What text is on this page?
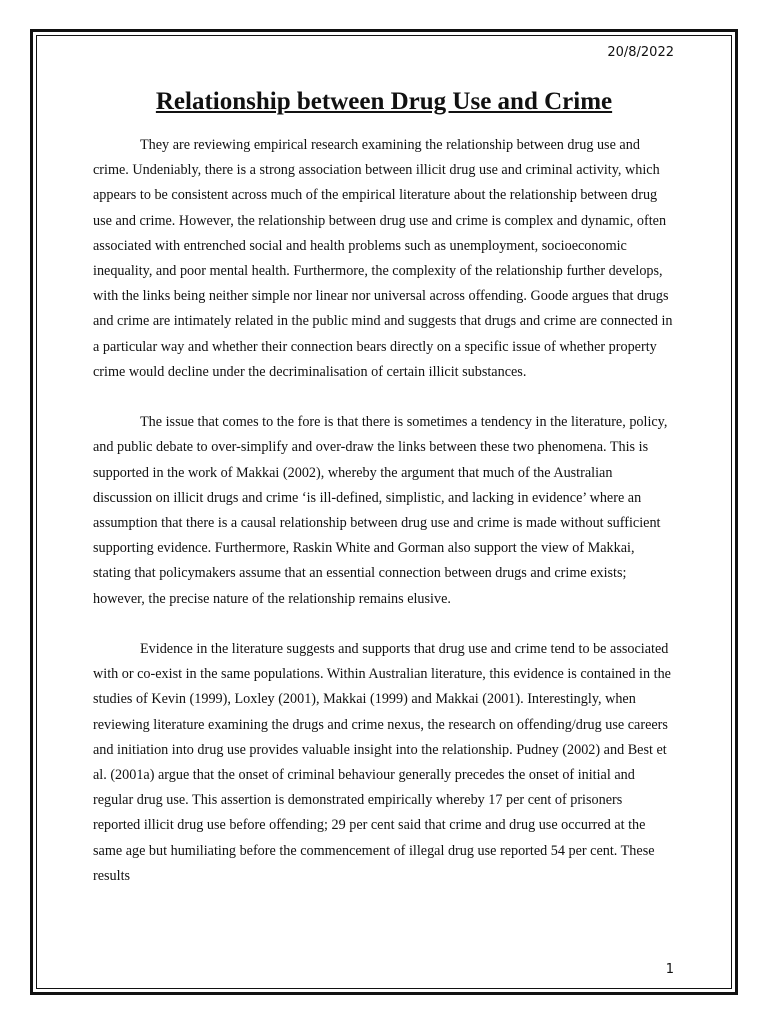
20/8/2022
Relationship between Drug Use and Crime

They are reviewing empirical research examining the relationship between drug use and crime. Undeniably, there is a strong association between illicit drug use and criminal activity, which appears to be consistent across much of the empirical literature about the relationship between drug use and crime. However, the relationship between drug use and crime is complex and dynamic, often associated with entrenched social and health problems such as unemployment, socioeconomic inequality, and poor mental health. Furthermore, the complexity of the relationship further develops, with the links being neither simple nor linear nor universal across offending. Goode argues that drugs and crime are intimately related in the public mind and suggests that drugs and crime are connected in a particular way and whether their connection bears directly on a specific issue of whether property crime would decline under the decriminalisation of certain illicit substances.

The issue that comes to the fore is that there is sometimes a tendency in the literature, policy, and public debate to over-simplify and over-draw the links between these two phenomena. This is supported in the work of Makkai (2002), whereby the argument that much of the Australian discussion on illicit drugs and crime ‘is ill-defined, simplistic, and lacking in evidence’ where an assumption that there is a causal relationship between drug use and crime is made without sufficient supporting evidence. Furthermore, Raskin White and Gorman also support the view of Makkai, stating that policymakers assume that an essential connection between drugs and crime exists; however, the precise nature of the relationship remains elusive.

Evidence in the literature suggests and supports that drug use and crime tend to be associated with or co-exist in the same populations. Within Australian literature, this evidence is contained in the studies of Kevin (1999), Loxley (2001), Makkai (1999) and Makkai (2001). Interestingly, when reviewing literature examining the drugs and crime nexus, the research on offending/drug use careers and initiation into drug use provides valuable insight into the relationship. Pudney (2002) and Best et al. (2001a) argue that the onset of criminal behaviour generally precedes the onset of initial and regular drug use. This assertion is demonstrated empirically whereby 17 per cent of prisoners reported illicit drug use before offending; 29 per cent said that crime and drug use occurred at the same age but humiliating before the commencement of illegal drug use reported 54 per cent. These results

1
